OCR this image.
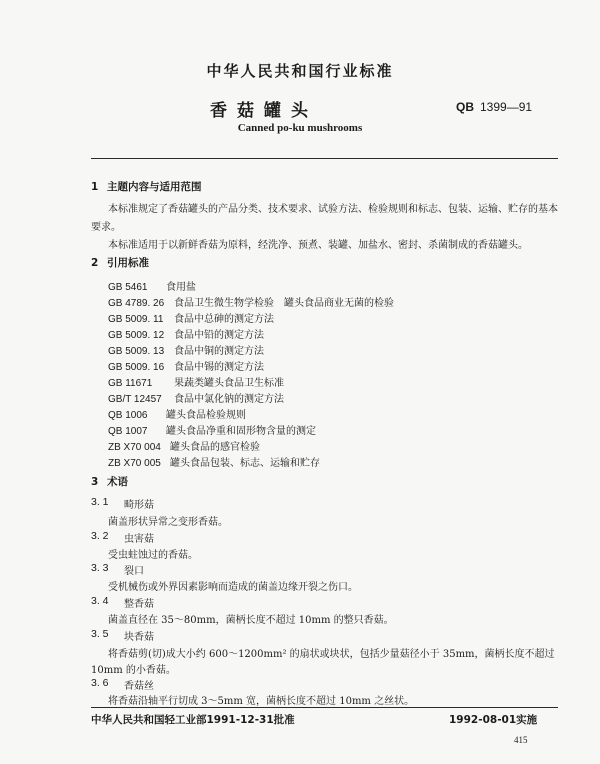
中华人民共和国行业标准
香菇罐头	QB 1399—91
Canned po-ku mushrooms
1 主题内容与适用范围
本标准规定了香菇罐头的产品分类、技术要求、试验方法、检验规则和标志、包装、运输、贮存的基本
要求。
本标准适用于以新鲜香菇为原料，经洗净、预煮、装罐、加盐水、密封、杀菌制成的香菇罐头。
2 引用标准
GB 5461 食用盐
GB 4789. 26 食品卫生微生物学检验　罐头食品商业无菌的检验
GB 5009. 11 食品中总砷的测定方法
GB 5009. 12 食品中铅的测定方法
GB 5009. 13 食品中铜的测定方法
GB 5009. 16 食品中锡的测定方法
GB 11671 果蔬类罐头食品卫生标准
GB/T 12457 食品中氯化钠的测定方法
QB 1006 罐头食品检验规则
QB 1007 罐头食品净重和固形物含量的测定
ZB X70 004 罐头食品的感官检验
ZB X70 005 罐头食品包装、标志、运输和贮存
3 术语
3. 1 畸形菇
菌盖形状异常之变形香菇。
3. 2 虫害菇
受虫蛀蚀过的香菇。
3. 3 裂口
受机械伤或外界因素影响而造成的菌盖边缘开裂之伤口。
3. 4 整香菇
菌盖直径在 35～80mm，菌柄长度不超过 10mm 的整只香菇。
3. 5 块香菇
将香菇剪(切)成大小约 600～1200mm² 的扇状或块状，包括少量菇径小于 35mm，菌柄长度不超过
10mm 的小香菇。
3. 6 香菇丝
中华人民共和国轻工业部1991-12-31批准	1992-08-01实施
415
将香菇沿轴平行切成 3～5mm 宽，菌柄长度不超过 10mm 之丝状。
